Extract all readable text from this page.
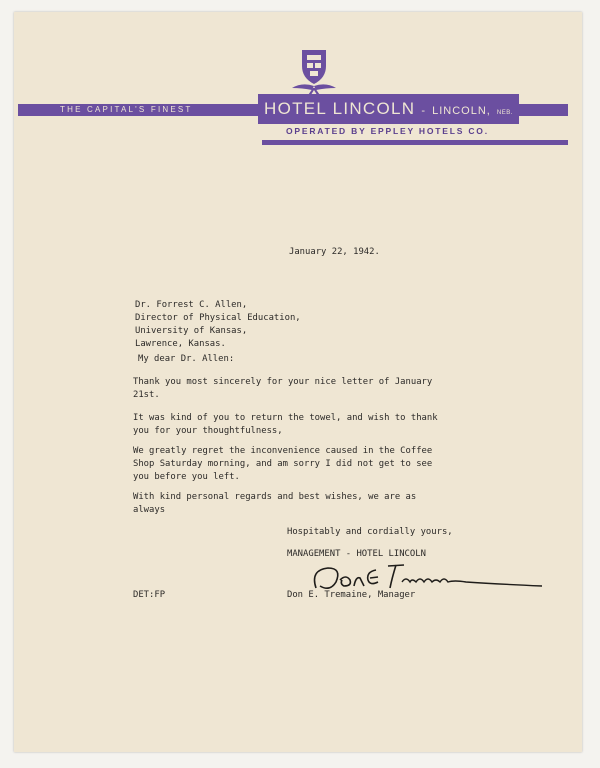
THE CAPITAL'S FINEST	HOTEL LINCOLN - LINCOLN, NEB.
OPERATED BY EPPLEY HOTELS CO.
January 22, 1942.
Dr. Forrest C. Allen,
Director of Physical Education,
University of Kansas,
Lawrence, Kansas.
My dear Dr. Allen:
Thank you most sincerely for your nice letter of January
21st.
It was kind of you to return the towel, and wish to thank
you for your thoughtfulness,
We greatly regret the inconvenience caused in the Coffee
Shop Saturday morning, and am sorry I did not get to see
you before you left.
With kind personal regards and best wishes, we are as
always
Hospitably and cordially yours,
MANAGEMENT - HOTEL LINCOLN
DET:FP	Don E. Tremaine, Manager
